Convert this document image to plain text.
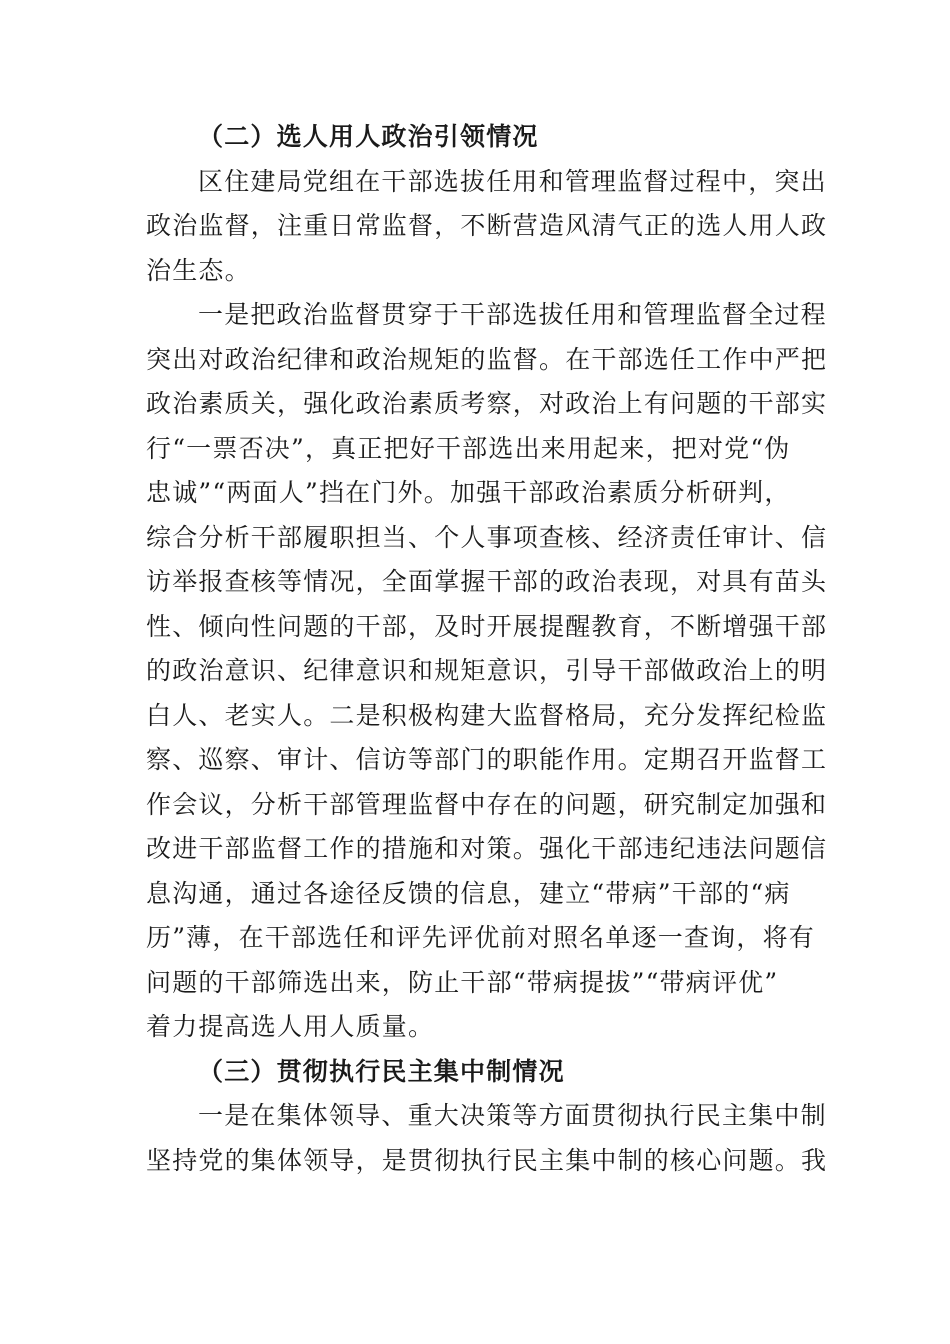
（二）选人用人政治引领情况
区住建局党组在干部选拔任用和管理监督过程中，突出
政治监督，注重日常监督，不断营造风清气正的选人用人政
治生态。
一是把政治监督贯穿于干部选拔任用和管理监督全过程
突出对政治纪律和政治规矩的监督。在干部选任工作中严把
政治素质关，强化政治素质考察，对政治上有问题的干部实
行“一票否决”，真正把好干部选出来用起来，把对党“伪
忠诚”“两面人”挡在门外。加强干部政治素质分析研判，
综合分析干部履职担当、个人事项查核、经济责任审计、信
访举报查核等情况，全面掌握干部的政治表现，对具有苗头
性、倾向性问题的干部，及时开展提醒教育，不断增强干部
的政治意识、纪律意识和规矩意识，引导干部做政治上的明
白人、老实人。二是积极构建大监督格局，充分发挥纪检监
察、巡察、审计、信访等部门的职能作用。定期召开监督工
作会议，分析干部管理监督中存在的问题，研究制定加强和
改进干部监督工作的措施和对策。强化干部违纪违法问题信
息沟通，通过各途径反馈的信息，建立“带病”干部的“病
历”薄，在干部选任和评先评优前对照名单逐一查询，将有
问题的干部筛选出来，防止干部“带病提拔”“带病评优”
着力提高选人用人质量。
（三）贯彻执行民主集中制情况
一是在集体领导、重大决策等方面贯彻执行民主集中制
坚持党的集体领导，是贯彻执行民主集中制的核心问题。我
